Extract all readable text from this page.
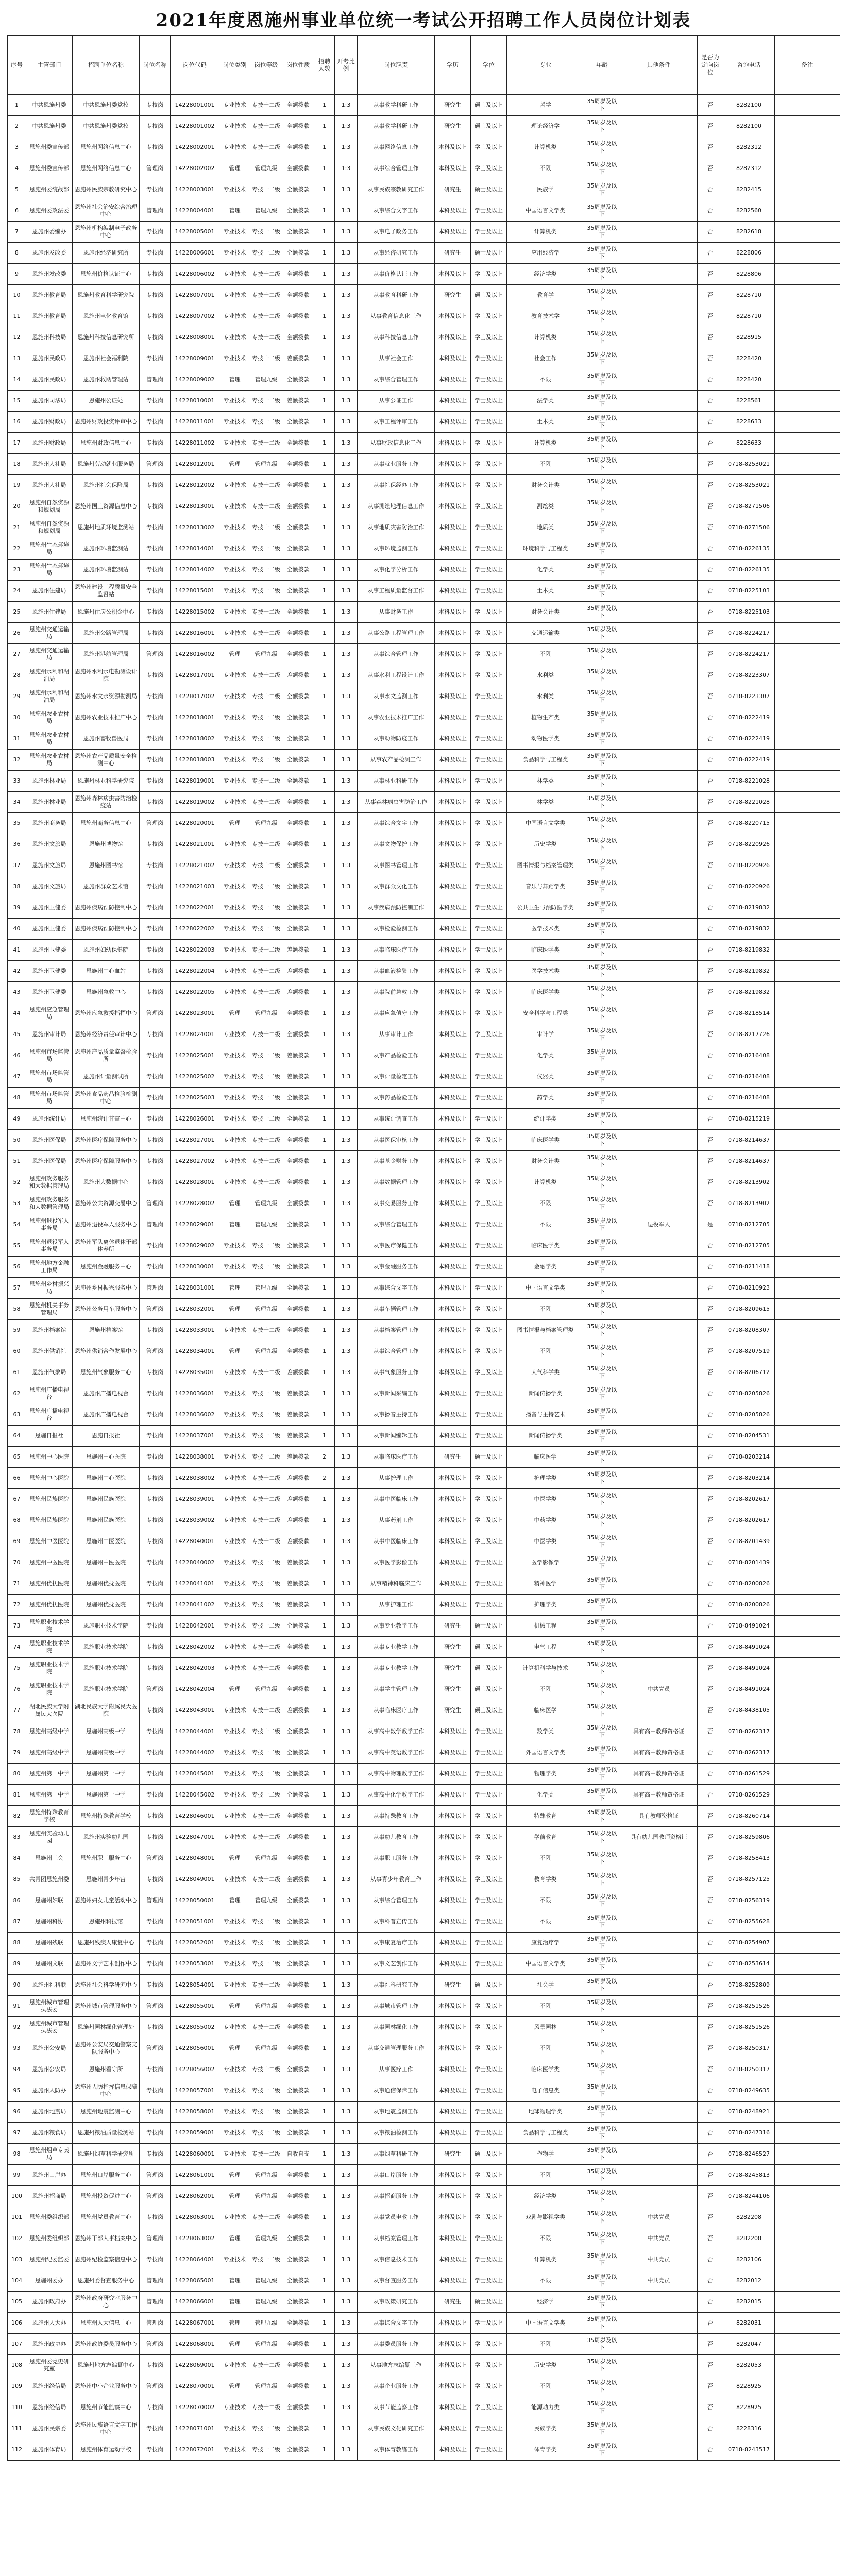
2021年度恩施州事业单位统一考试公开招聘工作人员岗位计划表
序号	主管部门	招聘单位名称	岗位名称	岗位代码	岗位类别	岗位等级	岗位性质	招聘人数	开考比例	岗位职责	学历	学位	专业	年龄	其他条件	是否为定向岗位	咨询电话	备注
1	中共恩施州委	中共恩施州委党校	专技岗	14228001001	专业技术	专技十二级	全额拨款	1	1:3	从事教学科研工作	研究生	硕士及以上	哲学	35周岁及以下		否	8282100	
2	中共恩施州委	中共恩施州委党校	专技岗	14228001002	专业技术	专技十二级	全额拨款	1	1:3	从事教学科研工作	研究生	硕士及以上	理论经济学	35周岁及以下		否	8282100	
3	恩施州委宣传部	恩施州网络信息中心	专技岗	14228002001	专业技术	专技十二级	全额拨款	1	1:3	从事网络信息工作	本科及以上	学士及以上	计算机类	35周岁及以下		否	8282312	
4	恩施州委宣传部	恩施州网络信息中心	管理岗	14228002002	管理	管理九级	全额拨款	1	1:3	从事综合管理工作	本科及以上	学士及以上	不限	35周岁及以下		否	8282312	
5	恩施州委统战部	恩施州民族宗教研究中心	专技岗	14228003001	专业技术	专技十二级	全额拨款	1	1:3	从事民族宗教研究工作	研究生	硕士及以上	民族学	35周岁及以下		否	8282415	
6	恩施州委政法委	恩施州社会治安综合治理中心	管理岗	14228004001	管理	管理九级	全额拨款	1	1:3	从事综合文字工作	本科及以上	学士及以上	中国语言文学类	35周岁及以下		否	8282560	
7	恩施州委编办	恩施州机构编制电子政务中心	专技岗	14228005001	专业技术	专技十二级	全额拨款	1	1:3	从事电子政务工作	本科及以上	学士及以上	计算机类	35周岁及以下		否	8282618	
8	恩施州发改委	恩施州经济研究所	专技岗	14228006001	专业技术	专技十二级	全额拨款	1	1:3	从事经济研究工作	研究生	硕士及以上	应用经济学	35周岁及以下		否	8228806	
9	恩施州发改委	恩施州价格认证中心	专技岗	14228006002	专业技术	专技十二级	全额拨款	1	1:3	从事价格认证工作	本科及以上	学士及以上	经济学类	35周岁及以下		否	8228806	
10	恩施州教育局	恩施州教育科学研究院	专技岗	14228007001	专业技术	专技十二级	全额拨款	1	1:3	从事教育科研工作	研究生	硕士及以上	教育学	35周岁及以下		否	8228710	
11	恩施州教育局	恩施州电化教育馆	专技岗	14228007002	专业技术	专技十二级	全额拨款	1	1:3	从事教育信息化工作	本科及以上	学士及以上	教育技术学	35周岁及以下		否	8228710	
12	恩施州科技局	恩施州科技信息研究所	专技岗	14228008001	专业技术	专技十二级	全额拨款	1	1:3	从事科技信息工作	本科及以上	学士及以上	计算机类	35周岁及以下		否	8228915	
13	恩施州民政局	恩施州社会福利院	专技岗	14228009001	专业技术	专技十二级	差额拨款	1	1:3	从事社会工作	本科及以上	学士及以上	社会工作	35周岁及以下		否	8228420	
14	恩施州民政局	恩施州救助管理站	管理岗	14228009002	管理	管理九级	全额拨款	1	1:3	从事综合管理工作	本科及以上	学士及以上	不限	35周岁及以下		否	8228420	
15	恩施州司法局	恩施州公证处	专技岗	14228010001	专业技术	专技十二级	差额拨款	1	1:3	从事公证工作	本科及以上	学士及以上	法学类	35周岁及以下		否	8228561	
16	恩施州财政局	恩施州财政投资评审中心	专技岗	14228011001	专业技术	专技十二级	全额拨款	1	1:3	从事工程评审工作	本科及以上	学士及以上	土木类	35周岁及以下		否	8228633	
17	恩施州财政局	恩施州财政信息中心	专技岗	14228011002	专业技术	专技十二级	全额拨款	1	1:3	从事财政信息化工作	本科及以上	学士及以上	计算机类	35周岁及以下		否	8228633	
18	恩施州人社局	恩施州劳动就业服务局	管理岗	14228012001	管理	管理九级	全额拨款	1	1:3	从事就业服务工作	本科及以上	学士及以上	不限	35周岁及以下		否	0718-8253021	
19	恩施州人社局	恩施州社会保险局	专技岗	14228012002	专业技术	专技十二级	全额拨款	1	1:3	从事社保经办工作	本科及以上	学士及以上	财务会计类	35周岁及以下		否	0718-8253021	
20	恩施州自然资源和规划局	恩施州国土资源信息中心	专技岗	14228013001	专业技术	专技十二级	全额拨款	1	1:3	从事测绘地理信息工作	本科及以上	学士及以上	测绘类	35周岁及以下		否	0718-8271506	
21	恩施州自然资源和规划局	恩施州地质环境监测站	专技岗	14228013002	专业技术	专技十二级	全额拨款	1	1:3	从事地质灾害防治工作	本科及以上	学士及以上	地质类	35周岁及以下		否	0718-8271506	
22	恩施州生态环境局	恩施州环境监测站	专技岗	14228014001	专业技术	专技十二级	全额拨款	1	1:3	从事环境监测工作	本科及以上	学士及以上	环境科学与工程类	35周岁及以下		否	0718-8226135	
23	恩施州生态环境局	恩施州环境监测站	专技岗	14228014002	专业技术	专技十二级	全额拨款	1	1:3	从事化学分析工作	本科及以上	学士及以上	化学类	35周岁及以下		否	0718-8226135	
24	恩施州住建局	恩施州建设工程质量安全监督站	专技岗	14228015001	专业技术	专技十二级	全额拨款	1	1:3	从事工程质量监督工作	本科及以上	学士及以上	土木类	35周岁及以下		否	0718-8225103	
25	恩施州住建局	恩施州住房公积金中心	专技岗	14228015002	专业技术	专技十二级	全额拨款	1	1:3	从事财务工作	本科及以上	学士及以上	财务会计类	35周岁及以下		否	0718-8225103	
26	恩施州交通运输局	恩施州公路管理局	专技岗	14228016001	专业技术	专技十二级	全额拨款	1	1:3	从事公路工程管理工作	本科及以上	学士及以上	交通运输类	35周岁及以下		否	0718-8224217	
27	恩施州交通运输局	恩施州港航管理局	管理岗	14228016002	管理	管理九级	全额拨款	1	1:3	从事综合管理工作	本科及以上	学士及以上	不限	35周岁及以下		否	0718-8224217	
28	恩施州水利和湖泊局	恩施州水利水电勘测设计院	专技岗	14228017001	专业技术	专技十二级	差额拨款	1	1:3	从事水利工程设计工作	本科及以上	学士及以上	水利类	35周岁及以下		否	0718-8223307	
29	恩施州水利和湖泊局	恩施州水文水资源勘测局	专技岗	14228017002	专业技术	专技十二级	全额拨款	1	1:3	从事水文监测工作	本科及以上	学士及以上	水利类	35周岁及以下		否	0718-8223307	
30	恩施州农业农村局	恩施州农业技术推广中心	专技岗	14228018001	专业技术	专技十二级	全额拨款	1	1:3	从事农业技术推广工作	本科及以上	学士及以上	植物生产类	35周岁及以下		否	0718-8222419	
31	恩施州农业农村局	恩施州畜牧兽医局	专技岗	14228018002	专业技术	专技十二级	全额拨款	1	1:3	从事动物防疫工作	本科及以上	学士及以上	动物医学类	35周岁及以下		否	0718-8222419	
32	恩施州农业农村局	恩施州农产品质量安全检测中心	专技岗	14228018003	专业技术	专技十二级	全额拨款	1	1:3	从事农产品检测工作	本科及以上	学士及以上	食品科学与工程类	35周岁及以下		否	0718-8222419	
33	恩施州林业局	恩施州林业科学研究院	专技岗	14228019001	专业技术	专技十二级	全额拨款	1	1:3	从事林业科研工作	本科及以上	学士及以上	林学类	35周岁及以下		否	0718-8221028	
34	恩施州林业局	恩施州森林病虫害防治检疫站	专技岗	14228019002	专业技术	专技十二级	全额拨款	1	1:3	从事森林病虫害防治工作	本科及以上	学士及以上	林学类	35周岁及以下		否	0718-8221028	
35	恩施州商务局	恩施州商务信息中心	管理岗	14228020001	管理	管理九级	全额拨款	1	1:3	从事综合文字工作	本科及以上	学士及以上	中国语言文学类	35周岁及以下		否	0718-8220715	
36	恩施州文旅局	恩施州博物馆	专技岗	14228021001	专业技术	专技十二级	全额拨款	1	1:3	从事文物保护工作	本科及以上	学士及以上	历史学类	35周岁及以下		否	0718-8220926	
37	恩施州文旅局	恩施州图书馆	专技岗	14228021002	专业技术	专技十二级	全额拨款	1	1:3	从事图书管理工作	本科及以上	学士及以上	图书情报与档案管理类	35周岁及以下		否	0718-8220926	
38	恩施州文旅局	恩施州群众艺术馆	专技岗	14228021003	专业技术	专技十二级	全额拨款	1	1:3	从事群众文化工作	本科及以上	学士及以上	音乐与舞蹈学类	35周岁及以下		否	0718-8220926	
39	恩施州卫健委	恩施州疾病预防控制中心	专技岗	14228022001	专业技术	专技十二级	全额拨款	1	1:3	从事疾病预防控制工作	本科及以上	学士及以上	公共卫生与预防医学类	35周岁及以下		否	0718-8219832	
40	恩施州卫健委	恩施州疾病预防控制中心	专技岗	14228022002	专业技术	专技十二级	全额拨款	1	1:3	从事检验检测工作	本科及以上	学士及以上	医学技术类	35周岁及以下		否	0718-8219832	
41	恩施州卫健委	恩施州妇幼保健院	专技岗	14228022003	专业技术	专技十二级	差额拨款	1	1:3	从事临床医疗工作	本科及以上	学士及以上	临床医学类	35周岁及以下		否	0718-8219832	
42	恩施州卫健委	恩施州中心血站	专技岗	14228022004	专业技术	专技十二级	差额拨款	1	1:3	从事血液检验工作	本科及以上	学士及以上	医学技术类	35周岁及以下		否	0718-8219832	
43	恩施州卫健委	恩施州急救中心	专技岗	14228022005	专业技术	专技十二级	差额拨款	1	1:3	从事院前急救工作	本科及以上	学士及以上	临床医学类	35周岁及以下		否	0718-8219832	
44	恩施州应急管理局	恩施州应急救援指挥中心	管理岗	14228023001	管理	管理九级	全额拨款	1	1:3	从事应急值守工作	本科及以上	学士及以上	安全科学与工程类	35周岁及以下		否	0718-8218514	
45	恩施州审计局	恩施州经济责任审计中心	专技岗	14228024001	专业技术	专技十二级	全额拨款	1	1:3	从事审计工作	本科及以上	学士及以上	审计学	35周岁及以下		否	0718-8217726	
46	恩施州市场监管局	恩施州产品质量监督检验所	专技岗	14228025001	专业技术	专技十二级	差额拨款	1	1:3	从事产品检验工作	本科及以上	学士及以上	化学类	35周岁及以下		否	0718-8216408	
47	恩施州市场监管局	恩施州计量测试所	专技岗	14228025002	专业技术	专技十二级	差额拨款	1	1:3	从事计量检定工作	本科及以上	学士及以上	仪器类	35周岁及以下		否	0718-8216408	
48	恩施州市场监管局	恩施州食品药品检验检测中心	专技岗	14228025003	专业技术	专技十二级	全额拨款	1	1:3	从事药品检验工作	本科及以上	学士及以上	药学类	35周岁及以下		否	0718-8216408	
49	恩施州统计局	恩施州统计普查中心	专技岗	14228026001	专业技术	专技十二级	全额拨款	1	1:3	从事统计调查工作	本科及以上	学士及以上	统计学类	35周岁及以下		否	0718-8215219	
50	恩施州医保局	恩施州医疗保障服务中心	专技岗	14228027001	专业技术	专技十二级	全额拨款	1	1:3	从事医保审核工作	本科及以上	学士及以上	临床医学类	35周岁及以下		否	0718-8214637	
51	恩施州医保局	恩施州医疗保障服务中心	专技岗	14228027002	专业技术	专技十二级	全额拨款	1	1:3	从事基金财务工作	本科及以上	学士及以上	财务会计类	35周岁及以下		否	0718-8214637	
52	恩施州政务服务和大数据管理局	恩施州大数据中心	专技岗	14228028001	专业技术	专技十二级	全额拨款	1	1:3	从事数据管理工作	本科及以上	学士及以上	计算机类	35周岁及以下		否	0718-8213902	
53	恩施州政务服务和大数据管理局	恩施州公共资源交易中心	管理岗	14228028002	管理	管理九级	全额拨款	1	1:3	从事交易服务工作	本科及以上	学士及以上	不限	35周岁及以下		否	0718-8213902	
54	恩施州退役军人事务局	恩施州退役军人服务中心	管理岗	14228029001	管理	管理九级	全额拨款	1	1:3	从事综合管理工作	本科及以上	学士及以上	不限	35周岁及以下	退役军人	是	0718-8212705	
55	恩施州退役军人事务局	恩施州军队离休退休干部休养所	专技岗	14228029002	专业技术	专技十二级	全额拨款	1	1:3	从事医疗保健工作	本科及以上	学士及以上	临床医学类	35周岁及以下		否	0718-8212705	
56	恩施州地方金融工作局	恩施州金融服务中心	专技岗	14228030001	专业技术	专技十二级	全额拨款	1	1:3	从事金融服务工作	本科及以上	学士及以上	金融学类	35周岁及以下		否	0718-8211418	
57	恩施州乡村振兴局	恩施州乡村振兴服务中心	管理岗	14228031001	管理	管理九级	全额拨款	1	1:3	从事综合文字工作	本科及以上	学士及以上	中国语言文学类	35周岁及以下		否	0718-8210923	
58	恩施州机关事务管理局	恩施州公务用车服务中心	管理岗	14228032001	管理	管理九级	全额拨款	1	1:3	从事车辆管理工作	本科及以上	学士及以上	不限	35周岁及以下		否	0718-8209615	
59	恩施州档案馆	恩施州档案馆	专技岗	14228033001	专业技术	专技十二级	全额拨款	1	1:3	从事档案管理工作	本科及以上	学士及以上	图书情报与档案管理类	35周岁及以下		否	0718-8208307	
60	恩施州供销社	恩施州供销合作发展中心	管理岗	14228034001	管理	管理九级	全额拨款	1	1:3	从事综合管理工作	本科及以上	学士及以上	不限	35周岁及以下		否	0718-8207519	
61	恩施州气象局	恩施州气象服务中心	专技岗	14228035001	专业技术	专技十二级	差额拨款	1	1:3	从事气象服务工作	本科及以上	学士及以上	大气科学类	35周岁及以下		否	0718-8206712	
62	恩施州广播电视台	恩施州广播电视台	专技岗	14228036001	专业技术	专技十二级	差额拨款	1	1:3	从事新闻采编工作	本科及以上	学士及以上	新闻传播学类	35周岁及以下		否	0718-8205826	
63	恩施州广播电视台	恩施州广播电视台	专技岗	14228036002	专业技术	专技十二级	差额拨款	1	1:3	从事播音主持工作	本科及以上	学士及以上	播音与主持艺术	35周岁及以下		否	0718-8205826	
64	恩施日报社	恩施日报社	专技岗	14228037001	专业技术	专技十二级	差额拨款	1	1:3	从事新闻编辑工作	本科及以上	学士及以上	新闻传播学类	35周岁及以下		否	0718-8204531	
65	恩施州中心医院	恩施州中心医院	专技岗	14228038001	专业技术	专技十二级	差额拨款	2	1:3	从事临床医疗工作	研究生	硕士及以上	临床医学	35周岁及以下		否	0718-8203214	
66	恩施州中心医院	恩施州中心医院	专技岗	14228038002	专业技术	专技十二级	差额拨款	2	1:3	从事护理工作	本科及以上	学士及以上	护理学类	35周岁及以下		否	0718-8203214	
67	恩施州民族医院	恩施州民族医院	专技岗	14228039001	专业技术	专技十二级	差额拨款	1	1:3	从事中医临床工作	本科及以上	学士及以上	中医学类	35周岁及以下		否	0718-8202617	
68	恩施州民族医院	恩施州民族医院	专技岗	14228039002	专业技术	专技十二级	差额拨款	1	1:3	从事药剂工作	本科及以上	学士及以上	中药学类	35周岁及以下		否	0718-8202617	
69	恩施州中医医院	恩施州中医医院	专技岗	14228040001	专业技术	专技十二级	差额拨款	1	1:3	从事中医临床工作	本科及以上	学士及以上	中医学类	35周岁及以下		否	0718-8201439	
70	恩施州中医医院	恩施州中医医院	专技岗	14228040002	专业技术	专技十二级	差额拨款	1	1:3	从事医学影像工作	本科及以上	学士及以上	医学影像学	35周岁及以下		否	0718-8201439	
71	恩施州优抚医院	恩施州优抚医院	专技岗	14228041001	专业技术	专技十二级	差额拨款	1	1:3	从事精神科临床工作	本科及以上	学士及以上	精神医学	35周岁及以下		否	0718-8200826	
72	恩施州优抚医院	恩施州优抚医院	专技岗	14228041002	专业技术	专技十二级	差额拨款	1	1:3	从事护理工作	本科及以上	学士及以上	护理学类	35周岁及以下		否	0718-8200826	
73	恩施职业技术学院	恩施职业技术学院	专技岗	14228042001	专业技术	专技十二级	全额拨款	1	1:3	从事专业教学工作	研究生	硕士及以上	机械工程	35周岁及以下		否	0718-8491024	
74	恩施职业技术学院	恩施职业技术学院	专技岗	14228042002	专业技术	专技十二级	全额拨款	1	1:3	从事专业教学工作	研究生	硕士及以上	电气工程	35周岁及以下		否	0718-8491024	
75	恩施职业技术学院	恩施职业技术学院	专技岗	14228042003	专业技术	专技十二级	全额拨款	1	1:3	从事专业教学工作	研究生	硕士及以上	计算机科学与技术	35周岁及以下		否	0718-8491024	
76	恩施职业技术学院	恩施职业技术学院	管理岗	14228042004	管理	管理九级	全额拨款	1	1:3	从事学生管理工作	研究生	硕士及以上	不限	35周岁及以下	中共党员	否	0718-8491024	
77	湖北民族大学附属民大医院	湖北民族大学附属民大医院	专技岗	14228043001	专业技术	专技十二级	差额拨款	1	1:3	从事临床医疗工作	研究生	硕士及以上	临床医学	35周岁及以下		否	0718-8438105	
78	恩施州高级中学	恩施州高级中学	专技岗	14228044001	专业技术	专技十二级	全额拨款	1	1:3	从事高中数学教学工作	本科及以上	学士及以上	数学类	35周岁及以下	具有高中教师资格证	否	0718-8262317	
79	恩施州高级中学	恩施州高级中学	专技岗	14228044002	专业技术	专技十二级	全额拨款	1	1:3	从事高中英语教学工作	本科及以上	学士及以上	外国语言文学类	35周岁及以下	具有高中教师资格证	否	0718-8262317	
80	恩施州第一中学	恩施州第一中学	专技岗	14228045001	专业技术	专技十二级	全额拨款	1	1:3	从事高中物理教学工作	本科及以上	学士及以上	物理学类	35周岁及以下	具有高中教师资格证	否	0718-8261529	
81	恩施州第一中学	恩施州第一中学	专技岗	14228045002	专业技术	专技十二级	全额拨款	1	1:3	从事高中化学教学工作	本科及以上	学士及以上	化学类	35周岁及以下	具有高中教师资格证	否	0718-8261529	
82	恩施州特殊教育学校	恩施州特殊教育学校	专技岗	14228046001	专业技术	专技十二级	全额拨款	1	1:3	从事特殊教育工作	本科及以上	学士及以上	特殊教育	35周岁及以下	具有教师资格证	否	0718-8260714	
83	恩施州实验幼儿园	恩施州实验幼儿园	专技岗	14228047001	专业技术	专技十二级	差额拨款	1	1:3	从事幼儿教育工作	本科及以上	学士及以上	学前教育	35周岁及以下	具有幼儿园教师资格证	否	0718-8259806	
84	恩施州工会	恩施州职工服务中心	管理岗	14228048001	管理	管理九级	全额拨款	1	1:3	从事职工服务工作	本科及以上	学士及以上	不限	35周岁及以下		否	0718-8258413	
85	共青团恩施州委	恩施州青少年宫	专技岗	14228049001	专业技术	专技十二级	全额拨款	1	1:3	从事青少年教育工作	本科及以上	学士及以上	教育学类	35周岁及以下		否	0718-8257125	
86	恩施州妇联	恩施州妇女儿童活动中心	管理岗	14228050001	管理	管理九级	全额拨款	1	1:3	从事综合管理工作	本科及以上	学士及以上	不限	35周岁及以下		否	0718-8256319	
87	恩施州科协	恩施州科技馆	专技岗	14228051001	专业技术	专技十二级	全额拨款	1	1:3	从事科普宣传工作	本科及以上	学士及以上	不限	35周岁及以下		否	0718-8255628	
88	恩施州残联	恩施州残疾人康复中心	专技岗	14228052001	专业技术	专技十二级	全额拨款	1	1:3	从事康复治疗工作	本科及以上	学士及以上	康复治疗学	35周岁及以下		否	0718-8254907	
89	恩施州文联	恩施州文学艺术创作中心	专技岗	14228053001	专业技术	专技十二级	全额拨款	1	1:3	从事文艺创作工作	本科及以上	学士及以上	中国语言文学类	35周岁及以下		否	0718-8253614	
90	恩施州社科联	恩施州社会科学研究中心	专技岗	14228054001	专业技术	专技十二级	全额拨款	1	1:3	从事社科研究工作	研究生	硕士及以上	社会学	35周岁及以下		否	0718-8252809	
91	恩施州城市管理执法委	恩施州城市管理服务中心	管理岗	14228055001	管理	管理九级	全额拨款	1	1:3	从事城市管理工作	本科及以上	学士及以上	不限	35周岁及以下		否	0718-8251526	
92	恩施州城市管理执法委	恩施州园林绿化管理处	专技岗	14228055002	专业技术	专技十二级	全额拨款	1	1:3	从事园林绿化工作	本科及以上	学士及以上	风景园林	35周岁及以下		否	0718-8251526	
93	恩施州公安局	恩施州公安局交通警察支队服务中心	管理岗	14228056001	管理	管理九级	全额拨款	1	1:3	从事交通管理服务工作	本科及以上	学士及以上	不限	35周岁及以下		否	0718-8250317	
94	恩施州公安局	恩施州看守所	专技岗	14228056002	专业技术	专技十二级	全额拨款	1	1:3	从事医疗工作	本科及以上	学士及以上	临床医学类	35周岁及以下		否	0718-8250317	
95	恩施州人防办	恩施州人防指挥信息保障中心	专技岗	14228057001	专业技术	专技十二级	全额拨款	1	1:3	从事通信保障工作	本科及以上	学士及以上	电子信息类	35周岁及以下		否	0718-8249635	
96	恩施州地震局	恩施州地震监测中心	专技岗	14228058001	专业技术	专技十二级	全额拨款	1	1:3	从事地震监测工作	本科及以上	学士及以上	地球物理学类	35周岁及以下		否	0718-8248921	
97	恩施州粮食局	恩施州粮油质量检测站	专技岗	14228059001	专业技术	专技十二级	全额拨款	1	1:3	从事粮油检测工作	本科及以上	学士及以上	食品科学与工程类	35周岁及以下		否	0718-8247316	
98	恩施州烟草专卖局	恩施州烟草科学研究所	专技岗	14228060001	专业技术	专技十二级	自收自支	1	1:3	从事烟草科研工作	研究生	硕士及以上	作物学	35周岁及以下		否	0718-8246527	
99	恩施州口岸办	恩施州口岸服务中心	管理岗	14228061001	管理	管理九级	全额拨款	1	1:3	从事口岸服务工作	本科及以上	学士及以上	不限	35周岁及以下		否	0718-8245813	
100	恩施州招商局	恩施州投资促进中心	管理岗	14228062001	管理	管理九级	全额拨款	1	1:3	从事招商服务工作	本科及以上	学士及以上	经济学类	35周岁及以下		否	0718-8244106	
101	恩施州委组织部	恩施州党员教育中心	专技岗	14228063001	专业技术	专技十二级	全额拨款	1	1:3	从事党员电教工作	本科及以上	学士及以上	戏剧与影视学类	35周岁及以下	中共党员	否	8282208	
102	恩施州委组织部	恩施州干部人事档案中心	管理岗	14228063002	管理	管理九级	全额拨款	1	1:3	从事档案管理工作	本科及以上	学士及以上	不限	35周岁及以下	中共党员	否	8282208	
103	恩施州纪委监委	恩施州纪检监察信息中心	专技岗	14228064001	专业技术	专技十二级	全额拨款	1	1:3	从事信息技术工作	本科及以上	学士及以上	计算机类	35周岁及以下	中共党员	否	8282106	
104	恩施州委办	恩施州委督查服务中心	管理岗	14228065001	管理	管理九级	全额拨款	1	1:3	从事督查服务工作	本科及以上	学士及以上	不限	35周岁及以下	中共党员	否	8282012	
105	恩施州政府办	恩施州政府研究室服务中心	管理岗	14228066001	管理	管理九级	全额拨款	1	1:3	从事政策研究工作	研究生	硕士及以上	经济学	35周岁及以下		否	8282015	
106	恩施州人大办	恩施州人大信息中心	管理岗	14228067001	管理	管理九级	全额拨款	1	1:3	从事综合文字工作	本科及以上	学士及以上	中国语言文学类	35周岁及以下		否	8282031	
107	恩施州政协办	恩施州政协委员服务中心	管理岗	14228068001	管理	管理九级	全额拨款	1	1:3	从事委员服务工作	本科及以上	学士及以上	不限	35周岁及以下		否	8282047	
108	恩施州委党史研究室	恩施州地方志编纂中心	专技岗	14228069001	专业技术	专技十二级	全额拨款	1	1:3	从事地方志编纂工作	本科及以上	学士及以上	历史学类	35周岁及以下		否	8282053	
109	恩施州经信局	恩施州中小企业服务中心	管理岗	14228070001	管理	管理九级	全额拨款	1	1:3	从事企业服务工作	本科及以上	学士及以上	不限	35周岁及以下		否	8228925	
110	恩施州经信局	恩施州节能监察中心	专技岗	14228070002	专业技术	专技十二级	全额拨款	1	1:3	从事节能监察工作	本科及以上	学士及以上	能源动力类	35周岁及以下		否	8228925	
111	恩施州民宗委	恩施州民族语言文字工作中心	专技岗	14228071001	专业技术	专技十二级	全额拨款	1	1:3	从事民族文化研究工作	本科及以上	学士及以上	民族学类	35周岁及以下		否	8228316	
112	恩施州体育局	恩施州体育运动学校	专技岗	14228072001	专业技术	专技十二级	全额拨款	1	1:3	从事体育教练工作	本科及以上	学士及以上	体育学类	35周岁及以下		否	0718-8243517	
